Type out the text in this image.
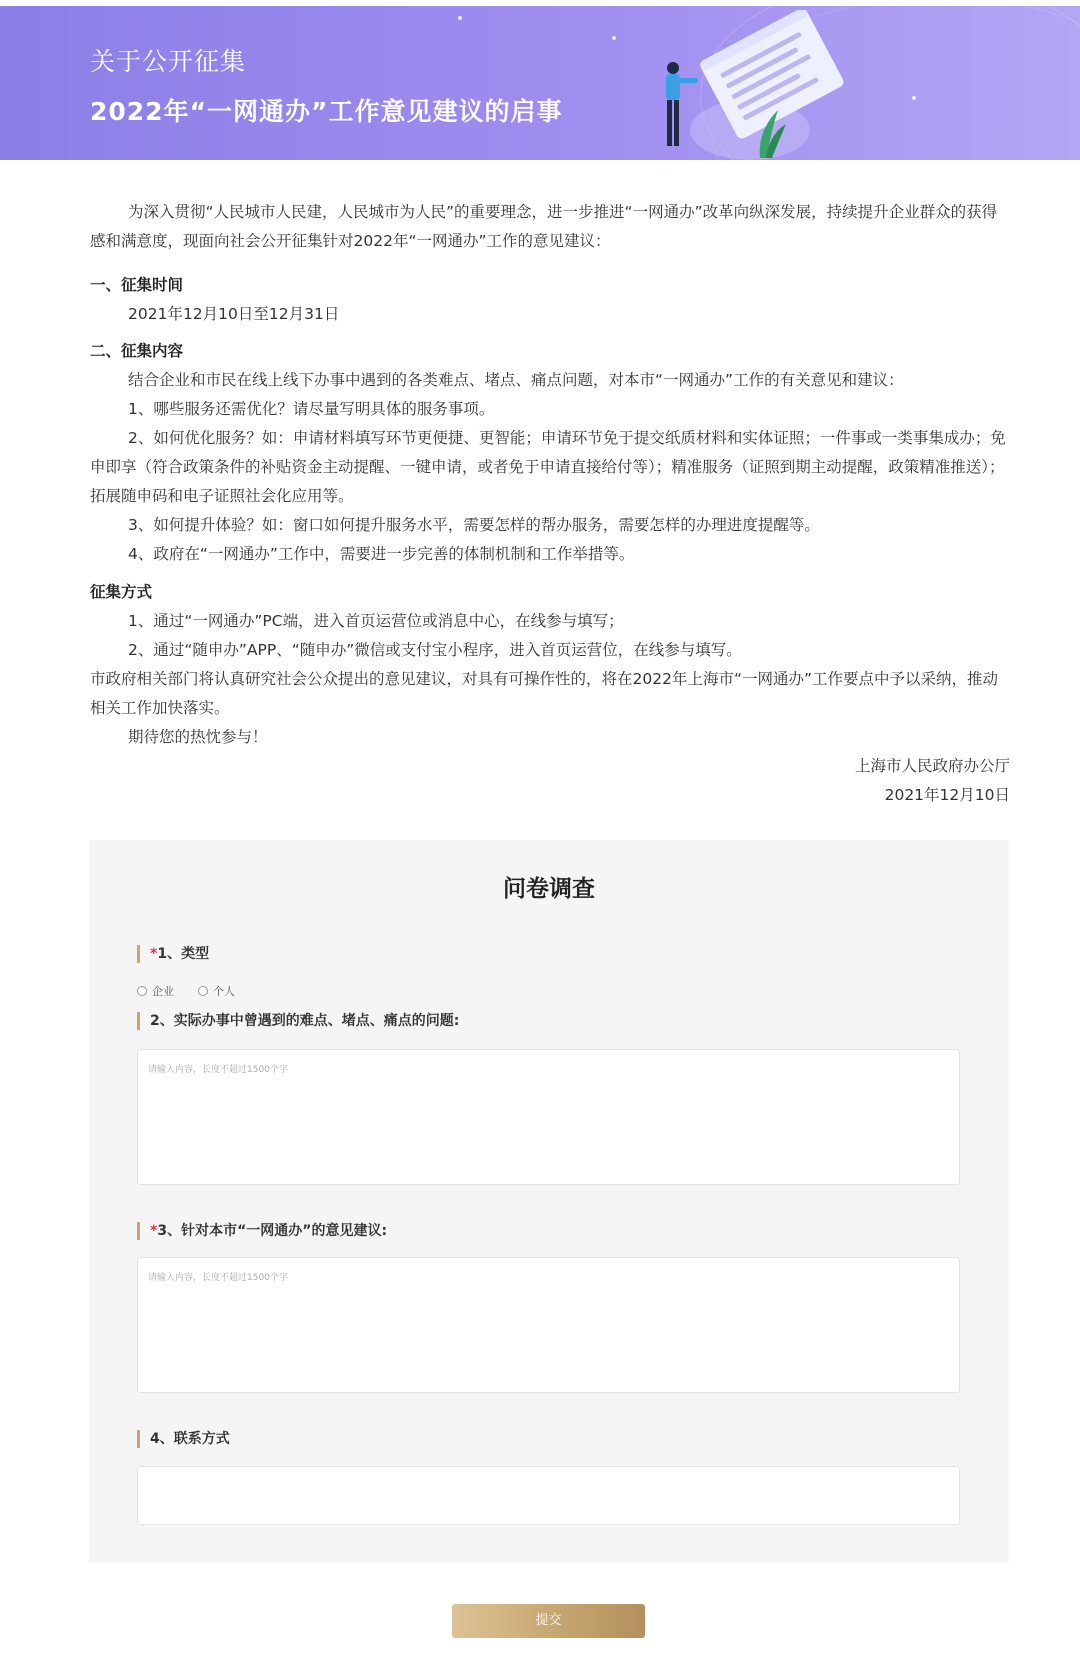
关于公开征集
2022年“一网通办”工作意见建议的启事
为深入贯彻“人民城市人民建，人民城市为人民”的重要理念，进一步推进“一网通办”改革向纵深发展，持续提升企业群众的获得感和满意度，现面向社会公开征集针对2022年“一网通办”工作的意见建议：
一、征集时间
2021年12月10日至12月31日
二、征集内容
结合企业和市民在线上线下办事中遇到的各类难点、堵点、痛点问题，对本市“一网通办”工作的有关意见和建议：
1、哪些服务还需优化？请尽量写明具体的服务事项。
2、如何优化服务？如：申请材料填写环节更便捷、更智能；申请环节免于提交纸质材料和实体证照；一件事或一类事集成办；免申即享（符合政策条件的补贴资金主动提醒、一键申请，或者免于申请直接给付等）；精准服务（证照到期主动提醒，政策精准推送）；拓展随申码和电子证照社会化应用等。
3、如何提升体验？如：窗口如何提升服务水平，需要怎样的帮办服务，需要怎样的办理进度提醒等。
4、政府在“一网通办”工作中，需要进一步完善的体制机制和工作举措等。
征集方式
1、通过“一网通办”PC端，进入首页运营位或消息中心，在线参与填写；
2、通过“随申办”APP、“随申办”微信或支付宝小程序，进入首页运营位，在线参与填写。
市政府相关部门将认真研究社会公众提出的意见建议，对具有可操作性的，将在2022年上海市“一网通办”工作要点中予以采纳，推动相关工作加快落实。
期待您的热忱参与！
上海市人民政府办公厅
2021年12月10日
问卷调查
*1、类型
企业	个人
2、实际办事中曾遇到的难点、堵点、痛点的问题:
请输入内容，长度不超过1500个字
*3、针对本市“一网通办”的意见建议:
请输入内容，长度不超过1500个字
4、联系方式
提交
